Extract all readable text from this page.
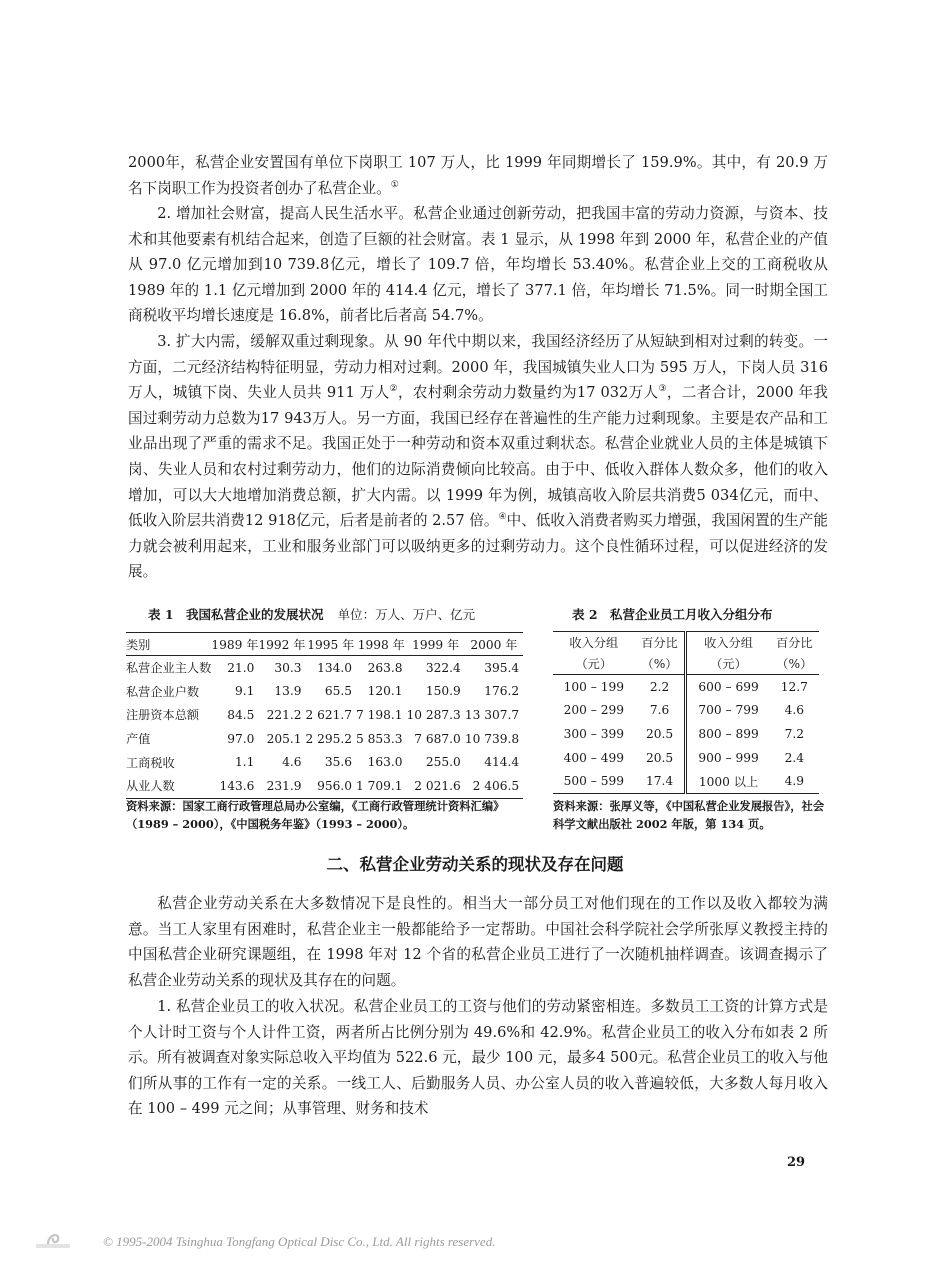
2000年，私营企业安置国有单位下岗职工 107 万人，比 1999 年同期增长了 159.9%。其中，有 20.9 万名下岗职工作为投资者创办了私营企业。①

2. 增加社会财富，提高人民生活水平。私营企业通过创新劳动，把我国丰富的劳动力资源，与资本、技术和其他要素有机结合起来，创造了巨额的社会财富。表 1 显示，从 1998 年到 2000 年，私营企业的产值从 97.0 亿元增加到10 739.8亿元，增长了 109.7 倍，年均增长 53.40%。私营企业上交的工商税收从 1989 年的 1.1 亿元增加到 2000 年的 414.4 亿元，增长了 377.1 倍，年均增长 71.5%。同一时期全国工商税收平均增长速度是 16.8%，前者比后者高 54.7%。

3. 扩大内需，缓解双重过剩现象。从 90 年代中期以来，我国经济经历了从短缺到相对过剩的转变。一方面，二元经济结构特征明显，劳动力相对过剩。2000 年，我国城镇失业人口为 595 万人，下岗人员 316 万人，城镇下岗、失业人员共 911 万人②，农村剩余劳动力数量约为17 032万人③，二者合计，2000 年我国过剩劳动力总数为17 943万人。另一方面，我国已经存在普遍性的生产能力过剩现象。主要是农产品和工业品出现了严重的需求不足。我国正处于一种劳动和资本双重过剩状态。私营企业就业人员的主体是城镇下岗、失业人员和农村过剩劳动力，他们的边际消费倾向比较高。由于中、低收入群体人数众多，他们的收入增加，可以大大地增加消费总额，扩大内需。以 1999 年为例，城镇高收入阶层共消费5 034亿元，而中、低收入阶层共消费12 918亿元，后者是前者的 2.57 倍。④中、低收入消费者购买力增强，我国闲置的生产能力就会被利用起来，工业和服务业部门可以吸纳更多的过剩劳动力。这个良性循环过程，可以促进经济的发展。

表 1　我国私营企业的发展状况 单位：万人、万户、亿元
类别	1989 年	1992 年	1995 年	1998 年	1999 年	2000 年
私营企业主人数	21.0	30.3	134.0	263.8	322.4	395.4
私营企业户数	9.1	13.9	65.5	120.1	150.9	176.2
注册资本总额	84.5	221.2	2 621.7	7 198.1	10 287.3	13 307.7
产值	97.0	205.1	2 295.2	5 853.3	7 687.0	10 739.8
工商税收	1.1	4.6	35.6	163.0	255.0	414.4
从业人数	143.6	231.9	956.0	1 709.1	2 021.6	2 406.5

资料来源：国家工商行政管理总局办公室编，《工商行政管理统计资料汇编》（1989 – 2000），《中国税务年鉴》（1993 – 2000）。

表 2　私营企业员工月收入分组分布
收入分组	百分比	收入分组	百分比
（元）	（%）	（元）	（%）
100 – 199	2.2	600 – 699	12.7
200 – 299	7.6	700 – 799	4.6
300 – 399	20.5	800 – 899	7.2
400 – 499	20.5	900 – 999	2.4
500 – 599	17.4	1000 以上	4.9

资料来源：张厚义等，《中国私营企业发展报告》，社会科学文献出版社 2002 年版，第 134 页。

二、私营企业劳动关系的现状及存在问题

私营企业劳动关系在大多数情况下是良性的。相当大一部分员工对他们现在的工作以及收入都较为满意。当工人家里有困难时，私营企业主一般都能给予一定帮助。中国社会科学院社会学所张厚义教授主持的中国私营企业研究课题组，在 1998 年对 12 个省的私营企业员工进行了一次随机抽样调查。该调查揭示了私营企业劳动关系的现状及其存在的问题。

1. 私营企业员工的收入状况。私营企业员工的工资与他们的劳动紧密相连。多数员工工资的计算方式是个人计时工资与个人计件工资，两者所占比例分别为 49.6%和 42.9%。私营企业员工的收入分布如表 2 所示。所有被调查对象实际总收入平均值为 522.6 元，最少 100 元，最多4 500元。私营企业员工的收入与他们所从事的工作有一定的关系。一线工人、后勤服务人员、办公室人员的收入普遍较低，大多数人每月收入在 100 – 499 元之间；从事管理、财务和技术

29
© 1995-2004 Tsinghua Tongfang Optical Disc Co., Ltd. All rights reserved.
